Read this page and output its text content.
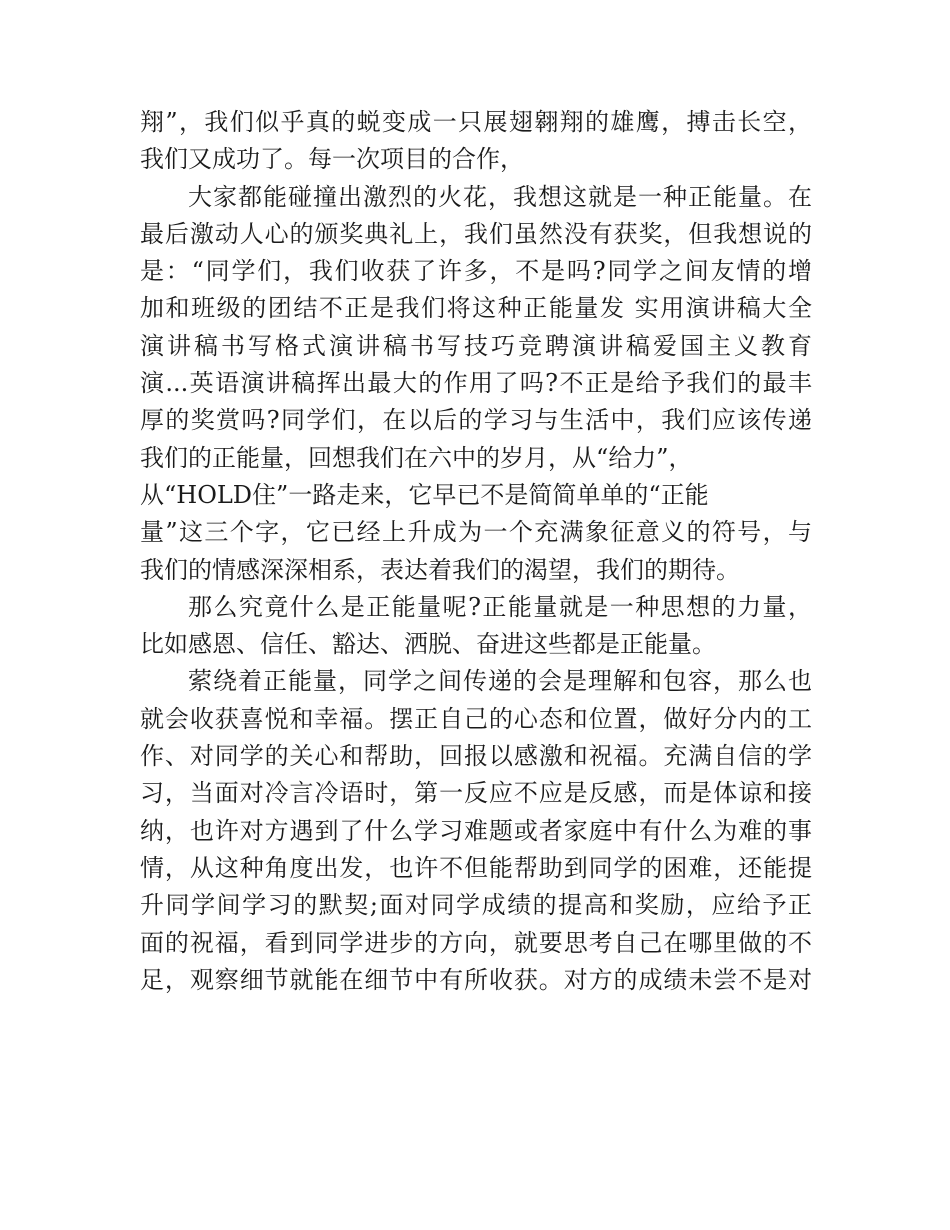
翔”，我们似乎真的蜕变成一只展翅翱翔的雄鹰，搏击长空，
我们又成功了。每一次项目的合作，
大家都能碰撞出激烈的火花，我想这就是一种正能量。在
最后激动人心的颁奖典礼上，我们虽然没有获奖，但我想说的
是：“同学们，我们收获了许多，不是吗?同学之间友情的增
加和班级的团结不正是我们将这种正能量发 实用演讲稿大全
演讲稿书写格式演讲稿书写技巧竞聘演讲稿爱国主义教育
演...英语演讲稿挥出最大的作用了吗?不正是给予我们的最丰
厚的奖赏吗?同学们，在以后的学习与生活中，我们应该传递
我们的正能量，回想我们在六中的岁月，从“给力”，
从“HOLD住”一路走来，它早已不是简简单单的“正能
量”这三个字，它已经上升成为一个充满象征意义的符号，与
我们的情感深深相系，表达着我们的渴望，我们的期待。
那么究竟什么是正能量呢?正能量就是一种思想的力量，
比如感恩、信任、豁达、洒脱、奋进这些都是正能量。
萦绕着正能量，同学之间传递的会是理解和包容，那么也
就会收获喜悦和幸福。摆正自己的心态和位置，做好分内的工
作、对同学的关心和帮助，回报以感激和祝福。充满自信的学
习，当面对冷言冷语时，第一反应不应是反感，而是体谅和接
纳，也许对方遇到了什么学习难题或者家庭中有什么为难的事
情，从这种角度出发，也许不但能帮助到同学的困难，还能提
升同学间学习的默契;面对同学成绩的提高和奖励，应给予正
面的祝福，看到同学进步的方向，就要思考自己在哪里做的不
足，观察细节就能在细节中有所收获。对方的成绩未尝不是对
